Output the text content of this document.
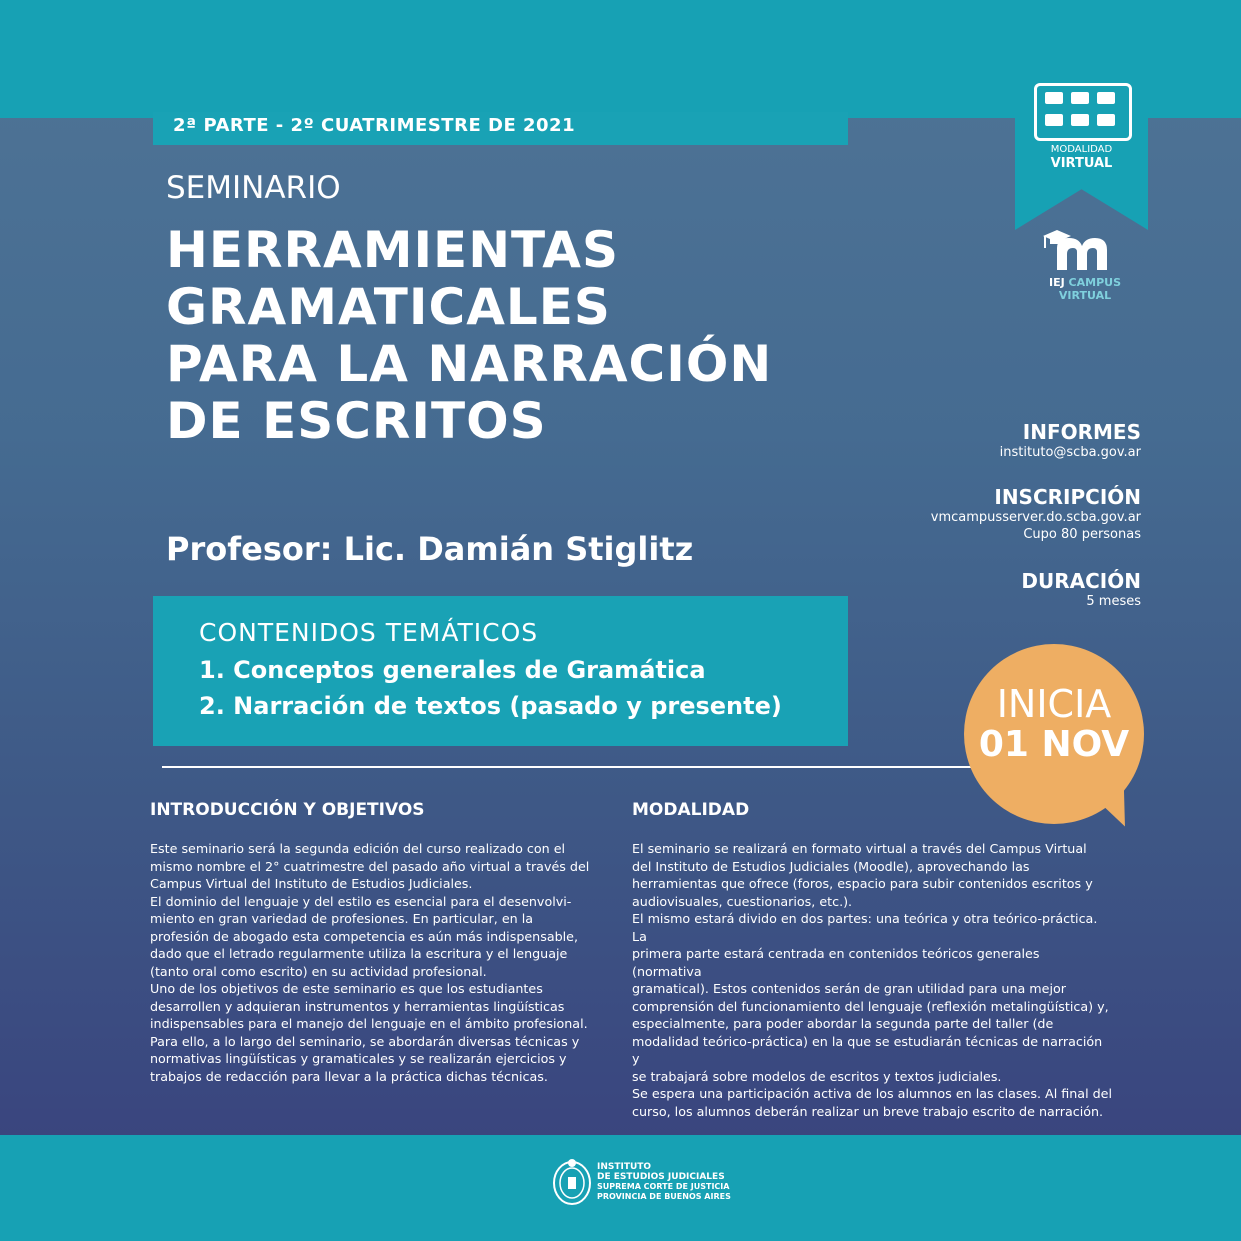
2ª PARTE - 2º CUATRIMESTRE DE 2021
SEMINARIO
HERRAMIENTAS
GRAMATICALES
PARA LA NARRACIÓN
DE ESCRITOS
Profesor: Lic. Damián Stiglitz
CONTENIDOS TEMÁTICOS
1. Conceptos generales de Gramática
2. Narración de textos (pasado y presente)
INTRODUCCIÓN Y OBJETIVOS
Este seminario será la segunda edición del curso realizado con el
mismo nombre el 2° cuatrimestre del pasado año virtual a través del
Campus Virtual del Instituto de Estudios Judiciales.
El dominio del lenguaje y del estilo es esencial para el desenvolvi-
miento en gran variedad de profesiones. En particular, en la
profesión de abogado esta competencia es aún más indispensable,
dado que el letrado regularmente utiliza la escritura y el lenguaje
(tanto oral como escrito) en su actividad profesional.
Uno de los objetivos de este seminario es que los estudiantes
desarrollen y adquieran instrumentos y herramientas lingüísticas
indispensables para el manejo del lenguaje en el ámbito profesional.
Para ello, a lo largo del seminario, se abordarán diversas técnicas y
normativas lingüísticas y gramaticales y se realizarán ejercicios y
trabajos de redacción para llevar a la práctica dichas técnicas.
MODALIDAD
El seminario se realizará en formato virtual a través del Campus Virtual
del Instituto de Estudios Judiciales (Moodle), aprovechando las
herramientas que ofrece (foros, espacio para subir contenidos escritos y
audiovisuales, cuestionarios, etc.).
El mismo estará divido en dos partes: una teórica y otra teórico-práctica. La
primera parte estará centrada en contenidos teóricos generales (normativa
gramatical). Estos contenidos serán de gran utilidad para una mejor
comprensión del funcionamiento del lenguaje (reflexión metalingüística) y,
especialmente, para poder abordar la segunda parte del taller (de
modalidad teórico-práctica) en la que se estudiarán técnicas de narración y
se trabajará sobre modelos de escritos y textos judiciales.
Se espera una participación activa de los alumnos en las clases. Al final del
curso, los alumnos deberán realizar un breve trabajo escrito de narración.
MODALIDAD
VIRTUAL
IEJ CAMPUS VIRTUAL
INFORMES
instituto@scba.gov.ar
INSCRIPCIÓN
vmcampusserver.do.scba.gov.ar
Cupo 80 personas
DURACIÓN
5 meses
INICIA
01 NOV
INSTITUTO
DE ESTUDIOS JUDICIALES
SUPREMA CORTE DE JUSTICIA
PROVINCIA DE BUENOS AIRES
